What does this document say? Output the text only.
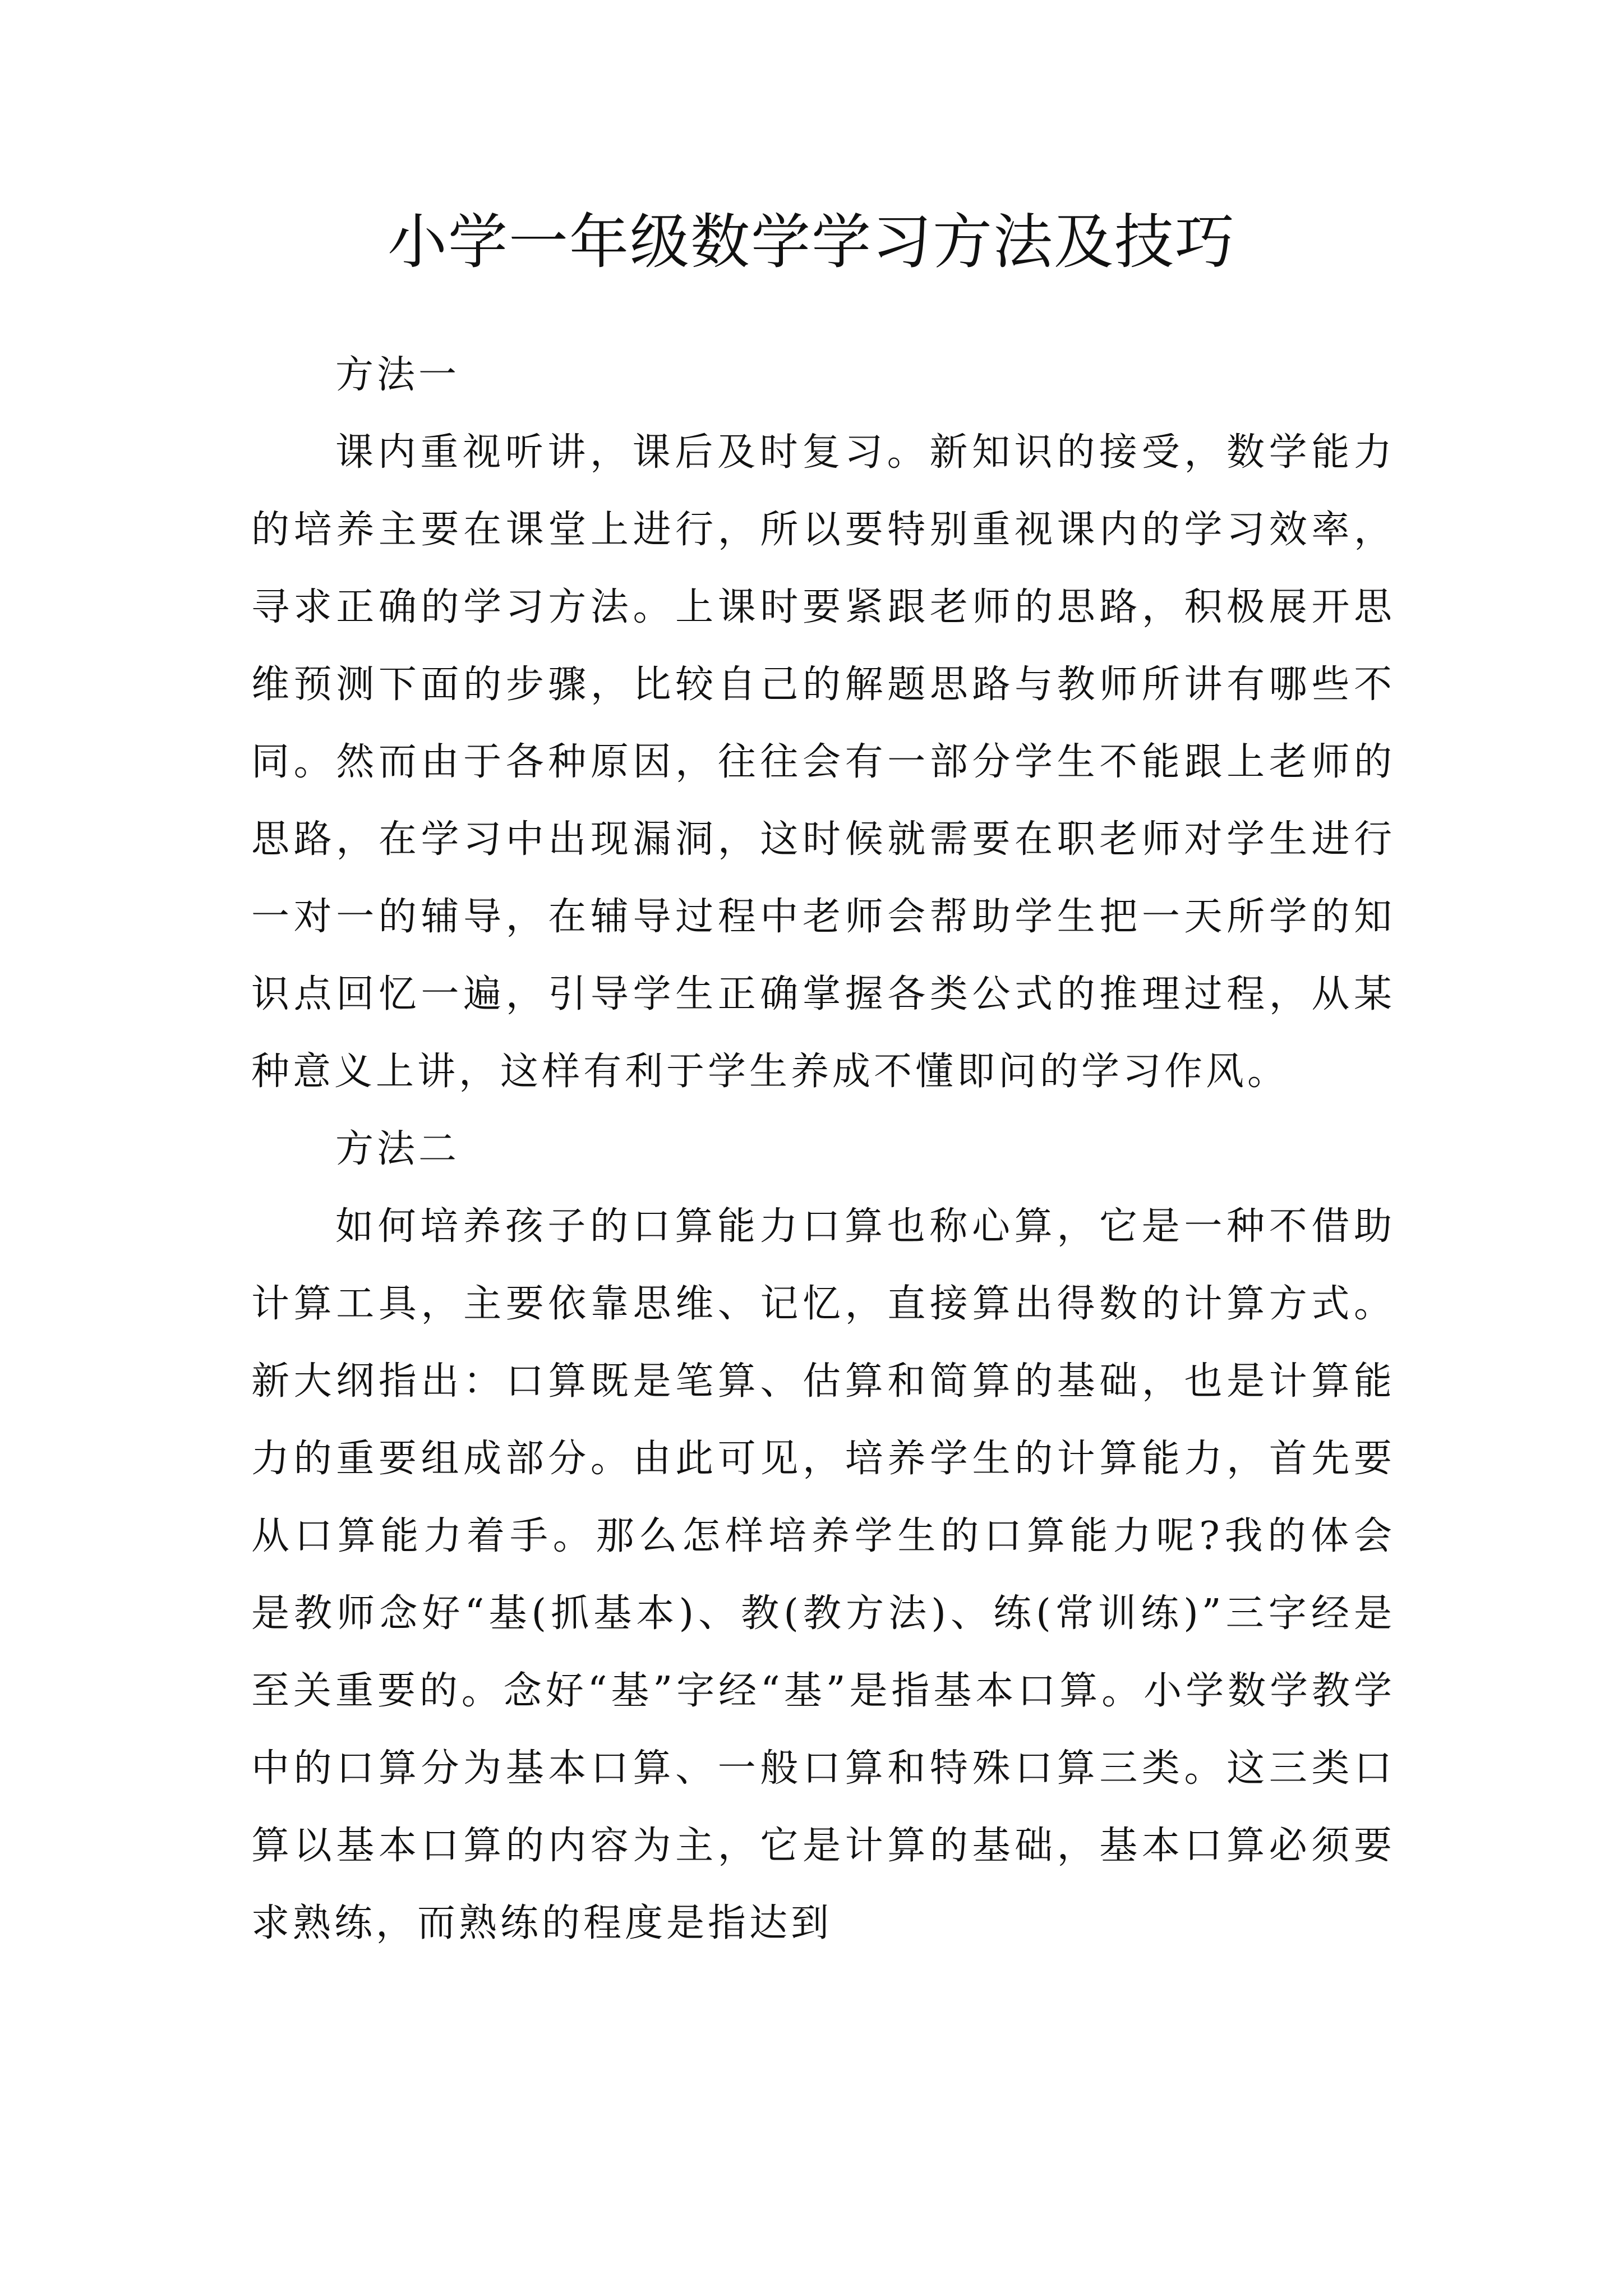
小学一年级数学学习方法及技巧

方法一

课内重视听讲，课后及时复习。新知识的接受，数学能力的培养主要在课堂上进行，所以要特别重视课内的学习效率，寻求正确的学习方法。上课时要紧跟老师的思路，积极展开思维预测下面的步骤，比较自己的解题思路与教师所讲有哪些不同。然而由于各种原因，往往会有一部分学生不能跟上老师的思路，在学习中出现漏洞，这时候就需要在职老师对学生进行一对一的辅导，在辅导过程中老师会帮助学生把一天所学的知识点回忆一遍，引导学生正确掌握各类公式的推理过程，从某种意义上讲，这样有利于学生养成不懂即问的学习作风。

方法二

如何培养孩子的口算能力口算也称心算，它是一种不借助计算工具，主要依靠思维、记忆，直接算出得数的计算方式。新大纲指出：口算既是笔算、估算和简算的基础，也是计算能力的重要组成部分。由此可见，培养学生的计算能力，首先要从口算能力着手。那么怎样培养学生的口算能力呢?我的体会是教师念好“基(抓基本)、教(教方法)、练(常训练)”三字经是至关重要的。念好“基”字经“基”是指基本口算。小学数学教学中的口算分为基本口算、一般口算和特殊口算三类。这三类口算以基本口算的内容为主，它是计算的基础，基本口算必须要求熟练，而熟练的程度是指达到
